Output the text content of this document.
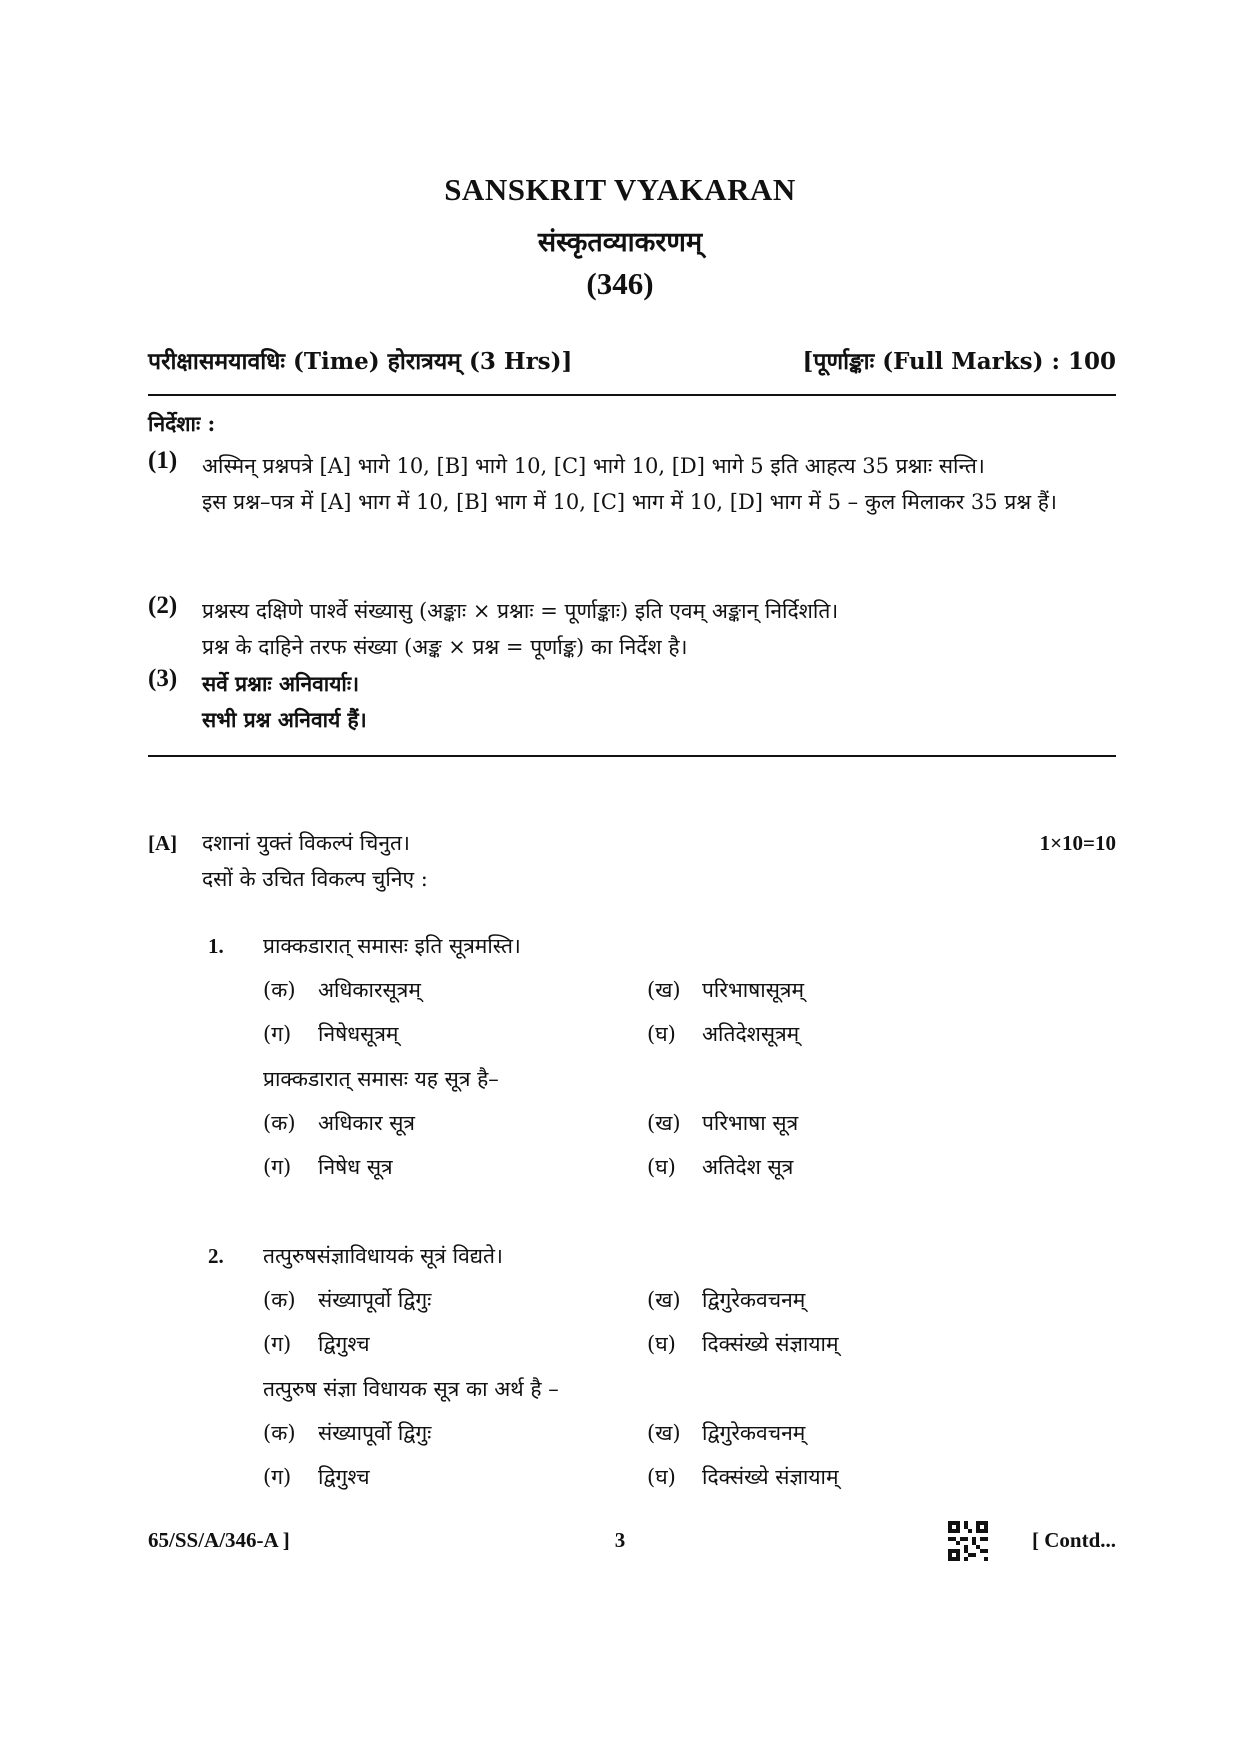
SANSKRIT VYAKARAN
संस्कृतव्याकरणम्
(346)
परीक्षासमयावधिः (Time) होरात्रयम् (3 Hrs)]	[पूर्णाङ्काः (Full Marks) : 100
निर्देशाः :
(1) अस्मिन् प्रश्नपत्रे [A] भागे 10, [B] भागे 10, [C] भागे 10, [D] भागे 5 इति आहत्य 35 प्रश्नाः सन्ति।
इस प्रश्न–पत्र में [A] भाग में 10, [B] भाग में 10, [C] भाग में 10, [D] भाग में 5 – कुल मिलाकर 35 प्रश्न हैं।
(2) प्रश्नस्य दक्षिणे पार्श्वे संख्यासु (अङ्काः × प्रश्नाः = पूर्णाङ्काः) इति एवम् अङ्कान् निर्दिशति।
प्रश्न के दाहिने तरफ संख्या (अङ्क × प्रश्न = पूर्णाङ्क) का निर्देश है।
(3) सर्वे प्रश्नाः अनिवार्याः।
सभी प्रश्न अनिवार्य हैं।
[A] दशानां युक्तं विकल्पं चिनुत।
दसों के उचित विकल्प चुनिए :
1×10=10
1. प्राक्कडारात् समासः इति सूत्रमस्ति।
(क) अधिकारसूत्रम्	(ख) परिभाषासूत्रम्
(ग) निषेधसूत्रम्	(घ) अतिदेशसूत्रम्
प्राक्कडारात् समासः यह सूत्र है–
(क) अधिकार सूत्र	(ख) परिभाषा सूत्र
(ग) निषेध सूत्र	(घ) अतिदेश सूत्र
2. तत्पुरुषसंज्ञाविधायकं सूत्रं विद्यते।
(क) संख्यापूर्वो द्विगुः	(ख) द्विगुरेकवचनम्
(ग) द्विगुश्च	(घ) दिक्संख्ये संज्ञायाम्
तत्पुरुष संज्ञा विधायक सूत्र का अर्थ है –
(क) संख्यापूर्वो द्विगुः	(ख) द्विगुरेकवचनम्
(ग) द्विगुश्च	(घ) दिक्संख्ये संज्ञायाम्
65/SS/A/346-A ]	3	[ Contd...
